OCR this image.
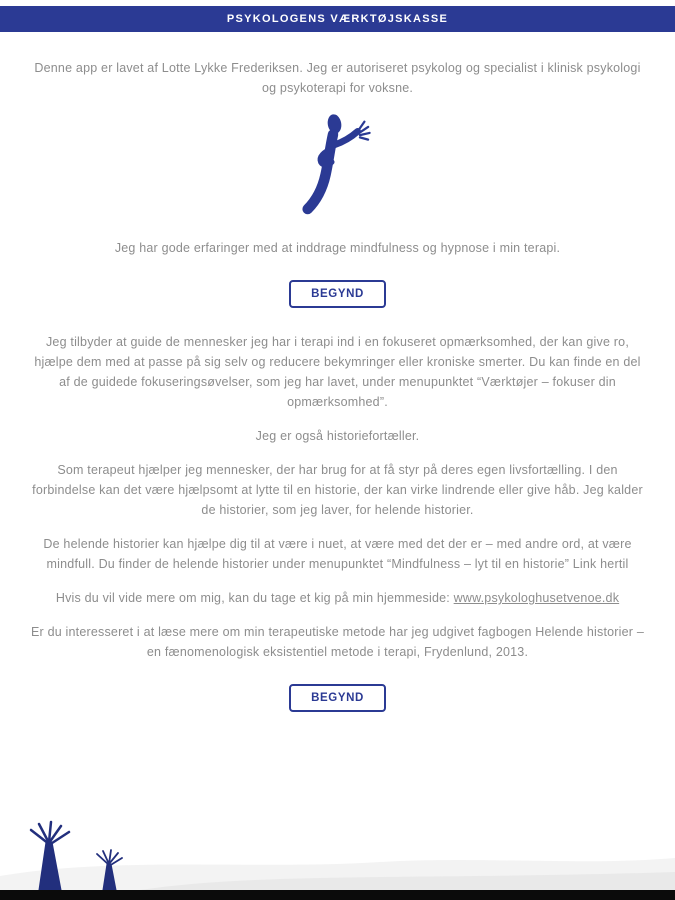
PSYKOLOGENS VÆRKTØJSKASSE

Denne app er lavet af Lotte Lykke Frederiksen. Jeg er autoriseret psykolog og specialist i klinisk psykologi og psykoterapi for voksne.

Jeg har gode erfaringer med at inddrage mindfulness og hypnose i min terapi.

BEGYND

Jeg tilbyder at guide de mennesker jeg har i terapi ind i en fokuseret opmærksomhed, der kan give ro, hjælpe dem med at passe på sig selv og reducere bekymringer eller kroniske smerter. Du kan finde en del af de guidede fokuseringsøvelser, som jeg har lavet, under menupunktet “Værktøjer – fokuser din opmærksomhed”.

Jeg er også historiefortæller.

Som terapeut hjælper jeg mennesker, der har brug for at få styr på deres egen livsfortælling. I den forbindelse kan det være hjælpsomt at lytte til en historie, der kan virke lindrende eller give håb. Jeg kalder de historier, som jeg laver, for helende historier.

De helende historier kan hjælpe dig til at være i nuet, at være med det der er – med andre ord, at være mindfull. Du finder de helende historier under menupunktet “Mindfulness – lyt til en historie” Link hertil

Hvis du vil vide mere om mig, kan du tage et kig på min hjemmeside: www.psykologhusetvenoe.dk

Er du interesseret i at læse mere om min terapeutiske metode har jeg udgivet fagbogen Helende historier – en fænomenologisk eksistentiel metode i terapi, Frydenlund, 2013.

BEGYND
